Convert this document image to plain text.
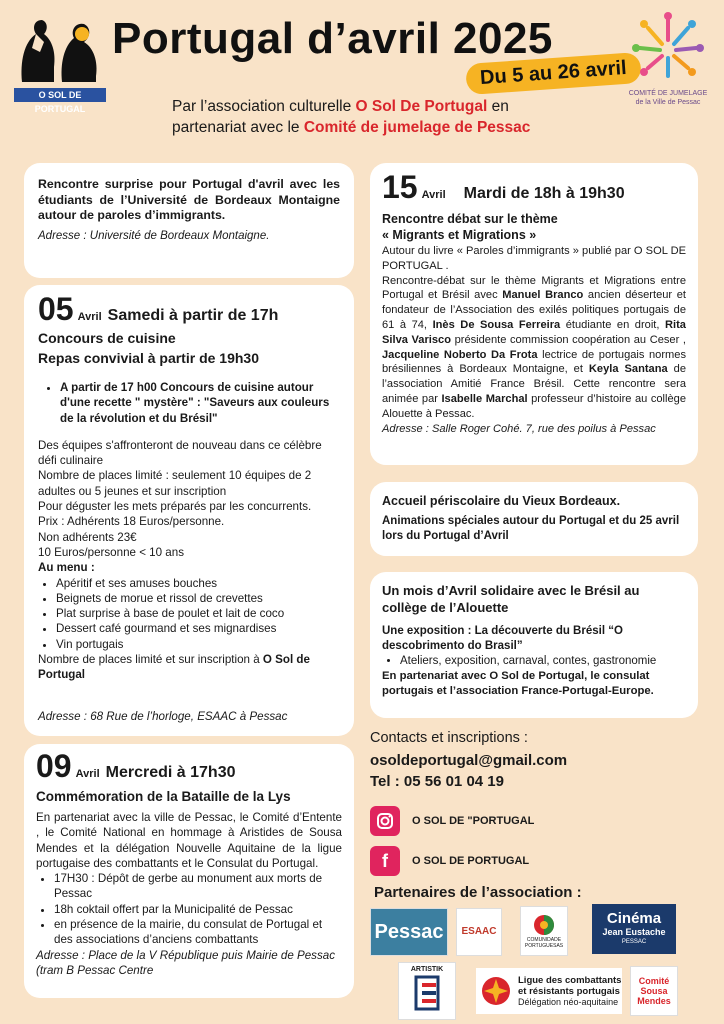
O SOL DE PORTUGAL
Portugal d’avril 2025
Du 5 au 26 avril
COMITÉ DE JUMELAGE
de la Ville de Pessac
Par l’association culturelle O Sol De Portugal en partenariat avec le Comité de jumelage de Pessac
Rencontre surprise pour Portugal d'avril avec les étudiants de l’Université de Bordeaux Montaigne autour de paroles d’immigrants.
Adresse : Université de Bordeaux Montaigne.
05 Avril Samedi à partir de 17h
Concours de cuisine
Repas convivial à partir de 19h30
• A partir de 17 h00 Concours de cuisine autour d'une recette " mystère" : "Saveurs aux couleurs de la révolution et du Brésil"
Des équipes s'affronteront de nouveau dans ce célèbre défi culinaire
Nombre de places limité : seulement 10 équipes de 2 adultes ou 5 jeunes et sur inscription
Pour déguster les mets préparés par les concurrents.
Prix : Adhérents 18 Euros/personne.
Non adhérents 23€
10 Euros/personne < 10 ans
Au menu :
• Apéritif et ses amuses bouches
• Beignets de morue et rissol de crevettes
• Plat surprise à base de poulet et lait de coco
• Dessert café gourmand et ses mignardises
• Vin portugais
Nombre de places limité et sur inscription à O Sol de Portugal
Adresse : 68 Rue de l’horloge, ESAAC à Pessac
09 Avril Mercredi à 17h30
Commémoration de la Bataille de la Lys
En partenariat avec la ville de Pessac, le Comité d’Entente , le Comité National en hommage à Aristides de Sousa Mendes et la délégation Nouvelle Aquitaine de la ligue portugaise des combattants et le Consulat du Portugal.
• 17H30 : Dépôt de gerbe au monument aux morts de Pessac
• 18h coktail offert par la Municipalité de Pessac
• en présence de la mairie, du consulat de Portugal et des associations d’anciens combattants
Adresse : Place de la V République puis Mairie de Pessac (tram B Pessac Centre
15 Avril Mardi de 18h à 19h30
Rencontre débat sur le thème
« Migrants et Migrations »
Autour du livre « Paroles d’immigrants » publié par O SOL DE PORTUGAL .
Rencontre-débat sur le thème Migrants et Migrations entre Portugal et Brésil avec Manuel Branco ancien déserteur et fondateur de l’Association des exilés politiques portugais de 61 à 74, Inès De Sousa Ferreira étudiante en droit, Rita Silva Varisco présidente commission coopération au Ceser , Jacqueline Noberto Da Frota lectrice de portugais normes brésiliennes à Bordeaux Montaigne, et Keyla Santana de l’association Amitié France Brésil. Cette rencontre sera animée par Isabelle Marchal professeur d’histoire au collège Alouette à Pessac.
Adresse : Salle Roger Cohé. 7, rue des poilus à Pessac
Accueil périscolaire du Vieux Bordeaux.
Animations spéciales autour du Portugal et du 25 avril lors du Portugal d’Avril
Un mois d’Avril solidaire avec le Brésil au collège de l’Alouette
Une exposition : La découverte du Brésil “O descobrimento do Brasil”
• Ateliers, exposition, carnaval, contes, gastronomie
En partenariat avec O Sol de Portugal, le consulat portugais et l’association France-Portugal-Europe.
Contacts et inscriptions :
osoldeportugal@gmail.com
Tel : 05 56 01 04 19
O SOL DE "PORTUGAL
f	O SOL DE PORTUGAL
Partenaires de l’association :
Pessac ESAAC
COMUNIDADE PORTUGUESAS
Cinéma
Jean Eustache
PESSAC
ARTISTIK
Ligue des combattants
et résistants portugais
Délégation néo-aquitaine
Comité
Sousa
Mendes
